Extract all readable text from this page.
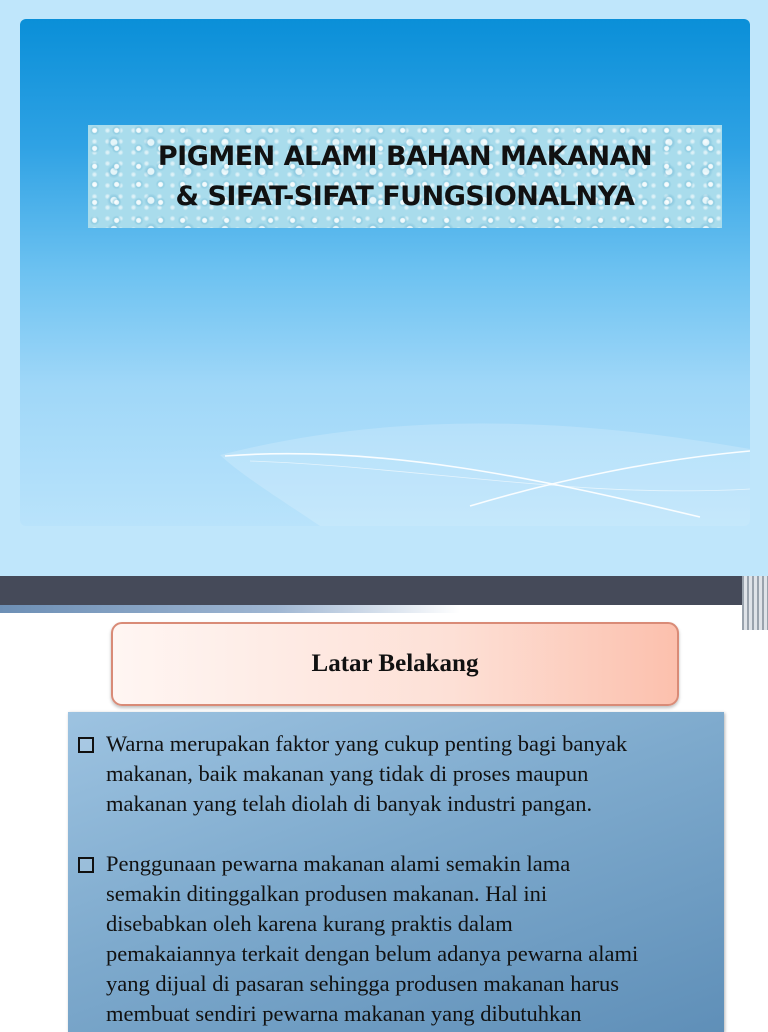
PIGMEN ALAMI BAHAN MAKANAN
& SIFAT-SIFAT FUNGSIONALNYA
Latar Belakang
Warna merupakan faktor yang cukup penting bagi banyak
makanan, baik makanan yang tidak di proses maupun
makanan yang telah diolah di banyak industri pangan.
Penggunaan pewarna makanan alami semakin lama
semakin ditinggalkan produsen makanan. Hal ini
disebabkan oleh karena kurang praktis dalam
pemakaiannya terkait dengan belum adanya pewarna alami
yang dijual di pasaran sehingga produsen makanan harus
membuat sendiri pewarna makanan yang dibutuhkan
